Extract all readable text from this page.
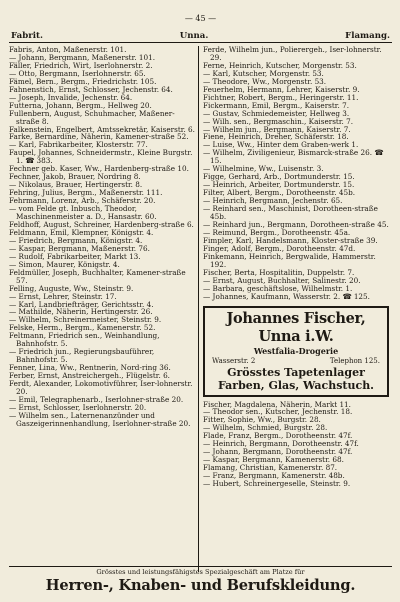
— 45 —
Fabrit.	Unna.	Flamang.
Fabris, Anton, Maßenerstr. 101.
— Johann, Bergmann, Maßenerstr. 101.
Fäller, Friedrich, Wirt, Iserlohnerstr. 2.
— Otto, Bergmann, Iserlohnerstr. 65.
Fämel, Bern., Bergm., Friedrichstr. 105.
Fahnenstich, Ernst, Schlosser, Jechenstr. 64.
— Joseph, Invalide, Jechenstr. 64.
Futterna, Johann, Bergm., Hellweg 20.
Fullenbern, August, Schuhmacher, Maßener-straße 8.
Falkenstein, Engelbert, Amtssekretär, Kaiserstr. 6.
Farke, Bernardine, Näherin, Kamener-straße 52.
— Karl, Fabrikarbeiter, Klosterstr. 77.
Faupel, Johannes, Schneidermstr., Kleine Burgstr. 1. ☎ 383.
Fechner geb. Kaser, Ww., Hardenberg-straße 10.
Fechner, Jakob, Brauer, Nordring 8.
— Nikolaus, Brauer, Hertingerstr. 8.
Fehring, Julius, Bergm., Maßenerstr. 111.
Fehrmann, Lorenz, Arb., Schäferstr. 20.
— vom Felde gt. Inbusch, Theodor, Maschinenmeister a. D., Hansastr. 60.
Feldhoff, August, Schreiner, Hardenberg-straße 6.
Feldmann, Emil, Klempner, Königstr. 4.
— Friedrich, Bergmann, Königstr. 4.
— Kaspar, Bergmann, Maßenerstr. 76.
— Rudolf, Fabrikarbeiter, Markt 13.
— Simon, Maurer, Königstr. 4.
Feldmüller, Joseph, Buchhalter, Kamener-straße 57.
Felling, Auguste, Ww., Steinstr. 9.
— Ernst, Lehrer, Steinstr. 17.
— Karl, Landbriefträger, Gerichtsstr. 4.
— Mathilde, Näherin, Hertingerstr. 26.
— Wilhelm, Schreinermeister, Steinstr. 9.
Felske, Herm., Bergm., Kamenerstr. 52.
Feltmann, Friedrich sen., Weinhandlung, Bahnhofstr. 5.
— Friedrich jun., Regierungsbauführer, Bahnhofstr. 5.
Fenner, Lina, Ww., Rentnerin, Nord-ring 36.
Ferber, Ernst, Anstreichergeh., Flügelstr. 6.
Ferdt, Alexander, Lokomotivführer, Iser-lohnerstr. 20.
— Emil, Telegraphenarb., Iserlohner-straße 20.
— Ernst, Schlosser, Iserlohnerstr. 20.
— Wilhelm sen., Laternenanzünder und Gaszeigerinnenhandlung, Iserlohner-straße 20.
Ferde, Wilhelm jun., Polierergeh., Iser-lohnerstr. 29.
Ferne, Heinrich, Kutscher, Morgenstr. 53.
— Karl, Kutscher, Morgenstr. 53.
— Theodore, Ww., Morgenstr. 53.
Feuerhelm, Hermann, Lehrer, Kaiserstr. 9.
Fichtner, Robert, Bergm., Heringerstr. 11.
Fickermann, Emil, Bergm., Kaiserstr. 7.
— Gustav, Schmiedemeister, Hellweg 3.
— Wilh. sen., Bergmaschin., Kaiserstr. 7.
— Wilhelm jun., Bergmann, Kaiserstr. 7.
Fiene, Heinrich, Dreher, Schäferstr. 18.
— Luise, Ww., Hinter dem Graben-werk 1.
— Wilhelm, Ziviligenieur, Bismarck-straße 26. ☎ 15.
— Wilhelmine, Ww., Luisenstr. 3.
Figge, Gerhard, Arb., Dortmunderstr. 15.
— Heinrich, Arbeiter, Dortmunderstr. 15.
Filter, Albert, Bergm., Dorotheenstr. 45b.
— Heinrich, Bergmann, Jechenstr. 65.
— Reinhard sen., Maschinist, Dorotheen-straße 45b.
— Reinhard jun., Bergmann, Dorotheen-straße 45.
— Reimund, Bergm., Dorotheenstr. 45a.
Fimpler, Karl, Handelsmann, Kloster-straße 39.
Finger, Adolf, Bergm., Dorotheenstr. 47d.
Finkemann, Heinrich, Bergwalide, Hammerstr. 192.
Fischer, Berta, Hospitalitin, Duppelstr. 7.
— Ernst, August, Buchhalter, Salinestr. 20.
— Barbara, geschäftslose, Wilhelmstr. 1.
— Johannes, Kaufmann, Wasserstr. 2. ☎ 125.
Johannes Fischer, Unna i.W.
Westfalia-Drogerie
Wasserstr. 2	Telephon 125.
Grösstes Tapetenlager
Farben, Glas, Wachstuch.
Fischer, Magdalena, Näherin, Markt 11.
— Theodor sen., Kutscher, Jechenstr. 18.
Fitter, Sophie, Ww., Burgstr. 28.
— Wilhelm, Schmied, Burgstr. 28.
Flade, Franz, Bergm., Dorotheenstr. 47f.
— Heinrich, Bergmann, Dorotheenstr. 47f.
— Johann, Bergmann, Dorotheenstr. 47f.
— Kaspar, Bergmann, Kamenerstr. 68.
Flamang, Christian, Kamenerstr. 87.
— Franz, Bergmann, Kamenerstr. 48b.
— Hubert, Schreinergeselle, Steinstr. 9.
Grösstes und leistungsfähigstes Spezialgeschäft am Platze für
Herren-, Knaben- und Berufskleidung.
